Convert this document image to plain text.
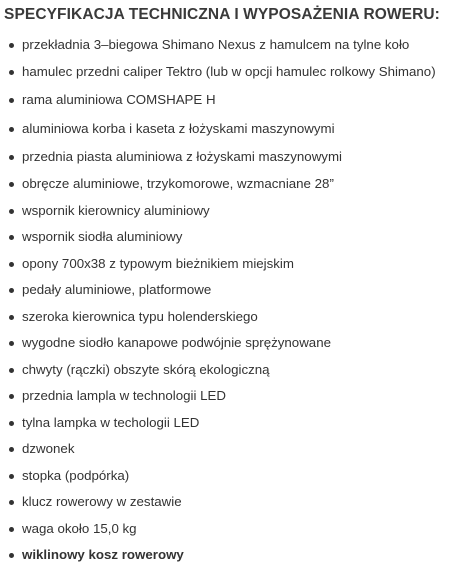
SPECYFIKACJA TECHNICZNA I WYPOSAŻENIA ROWERU:
przekładnia 3–biegowa Shimano Nexus z hamulcem na tylne koło
hamulec przedni caliper Tektro (lub w opcji hamulec rolkowy Shimano)
rama aluminiowa COMSHAPE H
aluminiowa korba i kaseta z łożyskami maszynowymi
przednia piasta aluminiowa z łożyskami maszynowymi
obręcze aluminiowe, trzykomorowe, wzmacniane 28”
wspornik kierownicy aluminiowy
wspornik siodła aluminiowy
opony 700x38 z typowym bieżnikiem miejskim
pedały aluminiowe, platformowe
szeroka kierownica typu holenderskiego
wygodne siodło kanapowe podwójnie sprężynowane
chwyty (rączki) obszyte skórą ekologiczną
przednia lampla w technologii LED
tylna lampka w techologii LED
dzwonek
stopka (podpórka)
klucz rowerowy w zestawie
waga około 15,0 kg
wiklinowy kosz rowerowy
